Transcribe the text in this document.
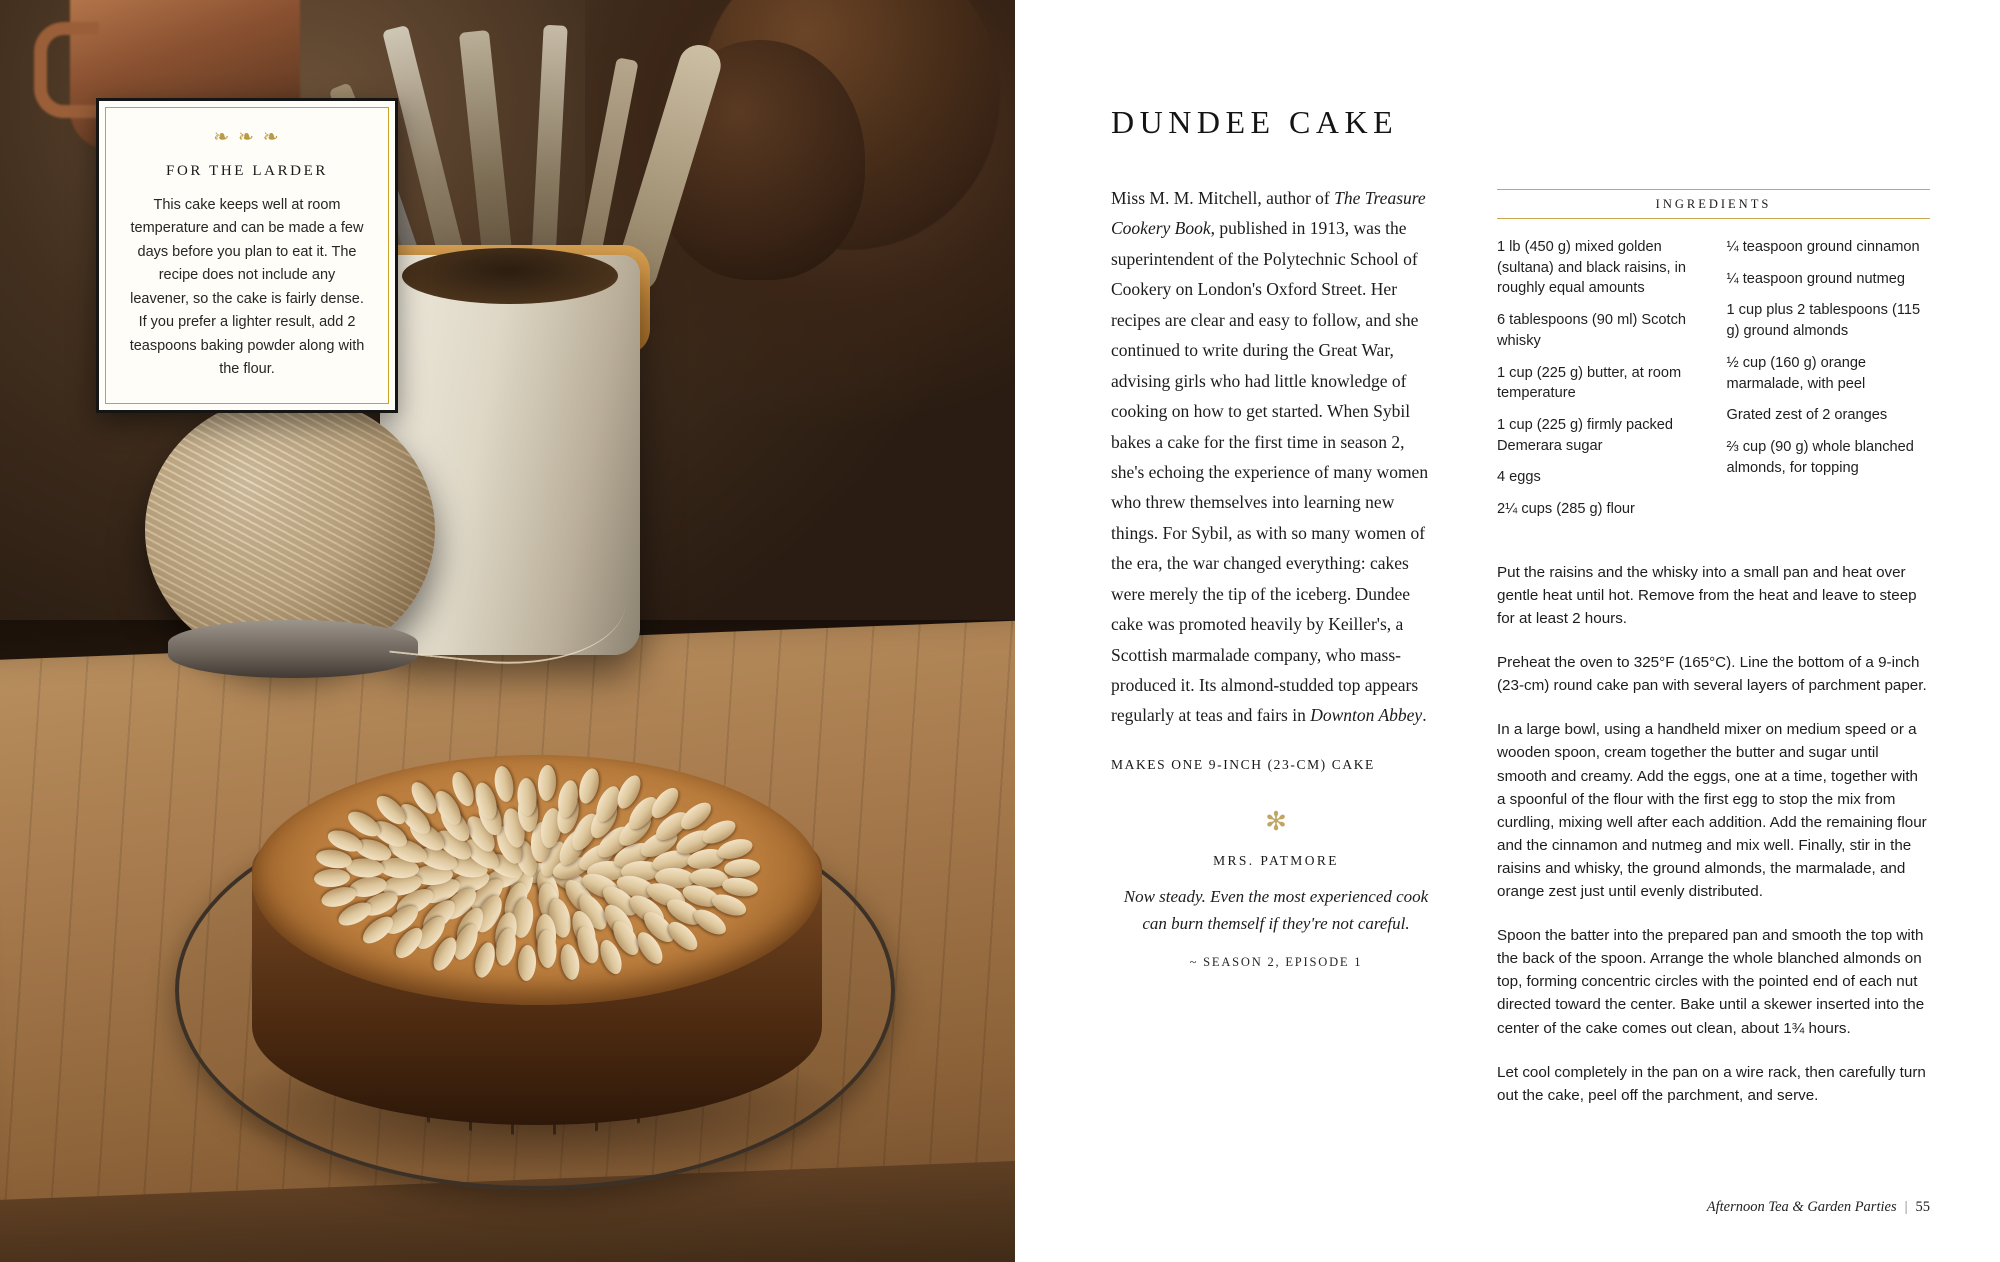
❧ ❧ ❧
FOR THE LARDER
This cake keeps well at room temperature and can be made a few days before you plan to eat it. The recipe does not include any leavener, so the cake is fairly dense. If you prefer a lighter result, add 2 teaspoons baking powder along with the flour.
DUNDEE CAKE
Miss M. M. Mitchell, author of The Treasure Cookery Book, published in 1913, was the superintendent of the Polytechnic School of Cookery on London's Oxford Street. Her recipes are clear and easy to follow, and she continued to write during the Great War, advising girls who had little knowledge of cooking on how to get started. When Sybil bakes a cake for the first time in season 2, she's echoing the experience of many women who threw themselves into learning new things. For Sybil, as with so many women of the era, the war changed everything: cakes were merely the tip of the iceberg. Dundee cake was promoted heavily by Keiller's, a Scottish marmalade company, who mass-produced it. Its almond-studded top appears regularly at teas and fairs in Downton Abbey.
MAKES ONE 9-INCH (23-CM) CAKE
✻
MRS. PATMORE
Now steady. Even the most experienced cook can burn themself if they're not careful.
~ SEASON 2, EPISODE 1
INGREDIENTS
1 lb (450 g) mixed golden (sultana) and black raisins, in roughly equal amounts
6 tablespoons (90 ml) Scotch whisky
1 cup (225 g) butter, at room temperature
1 cup (225 g) firmly packed Demerara sugar
4 eggs
2¼ cups (285 g) flour
¼ teaspoon ground cinnamon
¼ teaspoon ground nutmeg
1 cup plus 2 tablespoons (115 g) ground almonds
½ cup (160 g) orange marmalade, with peel
Grated zest of 2 oranges
⅔ cup (90 g) whole blanched almonds, for topping

Put the raisins and the whisky into a small pan and heat over gentle heat until hot. Remove from the heat and leave to steep for at least 2 hours.

Preheat the oven to 325°F (165°C). Line the bottom of a 9-inch (23-cm) round cake pan with several layers of parchment paper.

In a large bowl, using a handheld mixer on medium speed or a wooden spoon, cream together the butter and sugar until smooth and creamy. Add the eggs, one at a time, together with a spoonful of the flour with the first egg to stop the mix from curdling, mixing well after each addition. Add the remaining flour and the cinnamon and nutmeg and mix well. Finally, stir in the raisins and whisky, the ground almonds, the marmalade, and orange zest just until evenly distributed.

Spoon the batter into the prepared pan and smooth the top with the back of the spoon. Arrange the whole blanched almonds on top, forming concentric circles with the pointed end of each nut directed toward the center. Bake until a skewer inserted into the center of the cake comes out clean, about 1¾ hours.

Let cool completely in the pan on a wire rack, then carefully turn out the cake, peel off the parchment, and serve.

Afternoon Tea & Garden Parties | 55
